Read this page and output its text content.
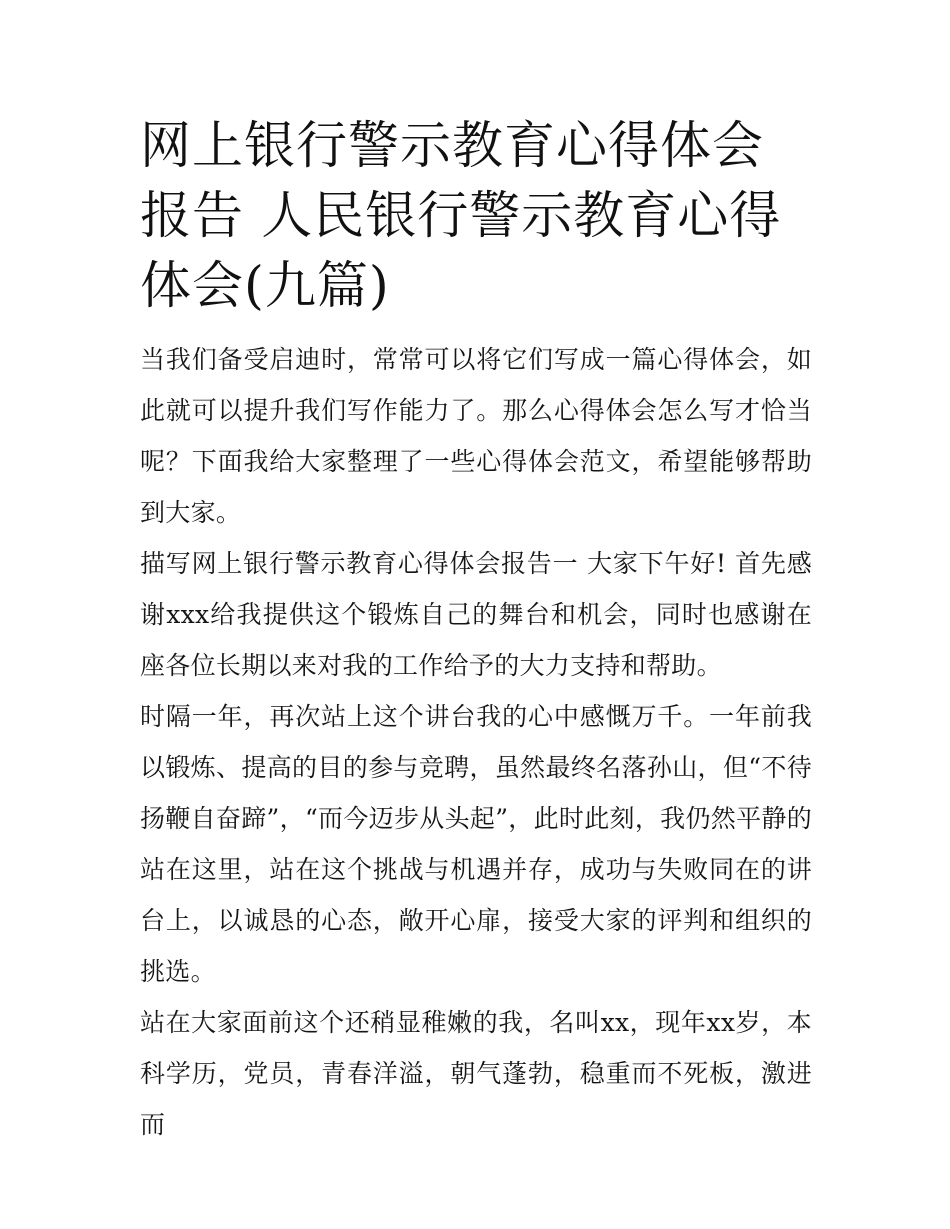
网上银行警示教育心得体会报告 人民银行警示教育心得体会(九篇)

当我们备受启迪时，常常可以将它们写成一篇心得体会，如此就可以提升我们写作能力了。那么心得体会怎么写才恰当呢？下面我给大家整理了一些心得体会范文，希望能够帮助到大家。

描写网上银行警示教育心得体会报告一 大家下午好! 首先感谢xxx给我提供这个锻炼自己的舞台和机会，同时也感谢在座各位长期以来对我的工作给予的大力支持和帮助。

时隔一年，再次站上这个讲台我的心中感慨万千。一年前我以锻炼、提高的目的参与竞聘，虽然最终名落孙山，但“不待扬鞭自奋蹄”，“而今迈步从头起”，此时此刻，我仍然平静的站在这里，站在这个挑战与机遇并存，成功与失败同在的讲台上，以诚恳的心态，敞开心扉，接受大家的评判和组织的挑选。

站在大家面前这个还稍显稚嫩的我，名叫xx，现年xx岁，本科学历，党员，青春洋溢，朝气蓬勃，稳重而不死板，激进而
